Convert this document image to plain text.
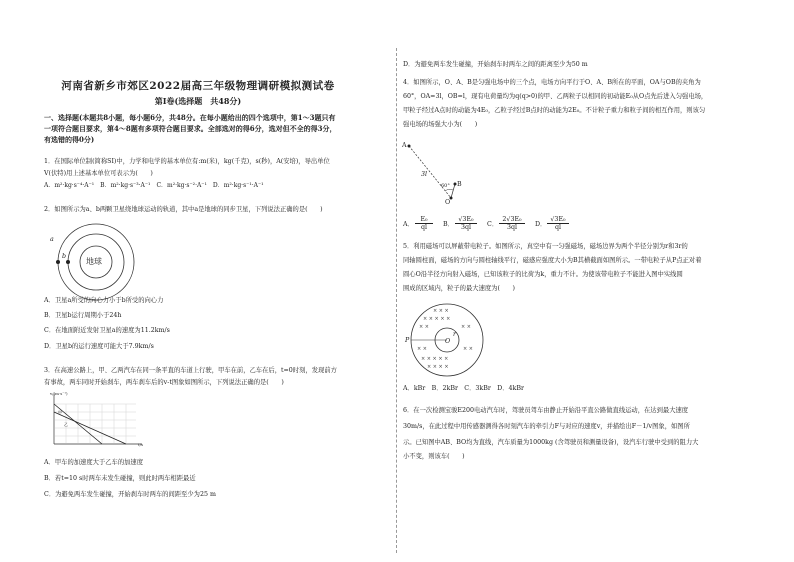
河南省新乡市郊区2022届高三年级物理调研模拟测试卷
第Ⅰ卷(选择题　共48分)
一、选择题(本题共8小题，每小题6分，共48分。在每小题给出的四个选项中，第1～3题只有
一项符合题目要求，第4～8题有多项符合题目要求。全部选对的得6分，选对但不全的得3分，
有选错的得0分)
1．在国际单位制(简称SI)中，力学和电学的基本单位有:m(米)，kg(千克)，s(秒)，A(安培)，导出单位
V(伏特)用上述基本单位可表示为(　　)
A．m²·kg·s⁻⁴·A⁻¹　B．m²·kg·s⁻³·A⁻¹　C．m²·kg·s⁻²·A⁻¹　D．m²·kg·s⁻¹·A⁻¹
2．如图所示为a、b两颗卫星绕地球运动的轨道，其中a是地球的同步卫星，下列说法正确的是(　　)
a
b
地球
A．卫星a所受的向心力小于b所受的向心力
B．卫星b运行周期小于24h
C．在地面附近发射卫星a的速度为11.2km/s
D．卫星b的运行速度可能大于7.9km/s
3．在高速公路上，甲、乙两汽车在同一条平直的车道上行驶，甲车在前，乙车在后，t=0时刻，发现前方
有事故，两车同时开始刹车，两车刹车后的v-t图象如图所示，下列说法正确的是(　　)
v/(m·s⁻¹)
t/s
甲
乙
A．甲车的加速度大于乙车的加速度
B．若t=10 s时两车未发生碰撞，则此时两车相距最近
C．为避免两车发生碰撞，开始刹车时两车的间距至少为25 m
D．为避免两车发生碰撞，开始刹车时两车之间的距离至少为50 m
4．如图所示，O、A、B是匀强电场中的三个点，电场方向平行于O、A、B所在的平面，OA与OB的夹角为
60°，OA=3l，OB=l，现有电荷量均为q(q>0)的甲、乙两粒子以相同的初动能E₀从O点先后进入匀强电场，
甲粒子经过A点时的动能为4E₀，乙粒子经过B点时的动能为2E₀。不计粒子重力和粒子间的相互作用，则该匀
强电场的场强大小为(　　)
A
B
O
3l
60°
A． $\frac{\text{E₀}}{ql}$ B． $\frac{\text{√3E₀}}{3ql}$ C． $\frac{\text{2√3E₀}}{3ql}$ D． $\frac{\text{√3E₀}}{ql}$
5．利用磁场可以屏蔽带电粒子。如图所示，真空中有一匀强磁场，磁场边界为两个半径分别为r和3r的
同轴圆柱面，磁场的方向与圆柱轴线平行，磁感应强度大小为B其横截面如图所示。一带电粒子从P点正对着
圆心O沿半径方向射入磁场，已知该粒子的比荷为k，重力不计。为使该带电粒子不能进入图中实线圆
围成的区域内，粒子的最大速度为(　　)
× × ×
× × × × ×
× ×	× ×
× ×	× ×
× × × × ×
× × × ×
P	O
r
A．kBr　B．2kBr　C．3kBr　D．4kBr
6．在一次检测宝骏E200电动汽车时，驾驶员驾车由静止开始沿平直公路做直线运动，在达到最大速度
30m/s，在此过程中用传感器测得各时刻汽车的牵引力F与对应的速度v，并描绘出F－1/v图象，如图所
示。已知图中AB、BO均为直线，汽车质量为1000kg (含驾驶员和测量设备)，设汽车行驶中受到的阻力大
小不变，则该车(　　)
